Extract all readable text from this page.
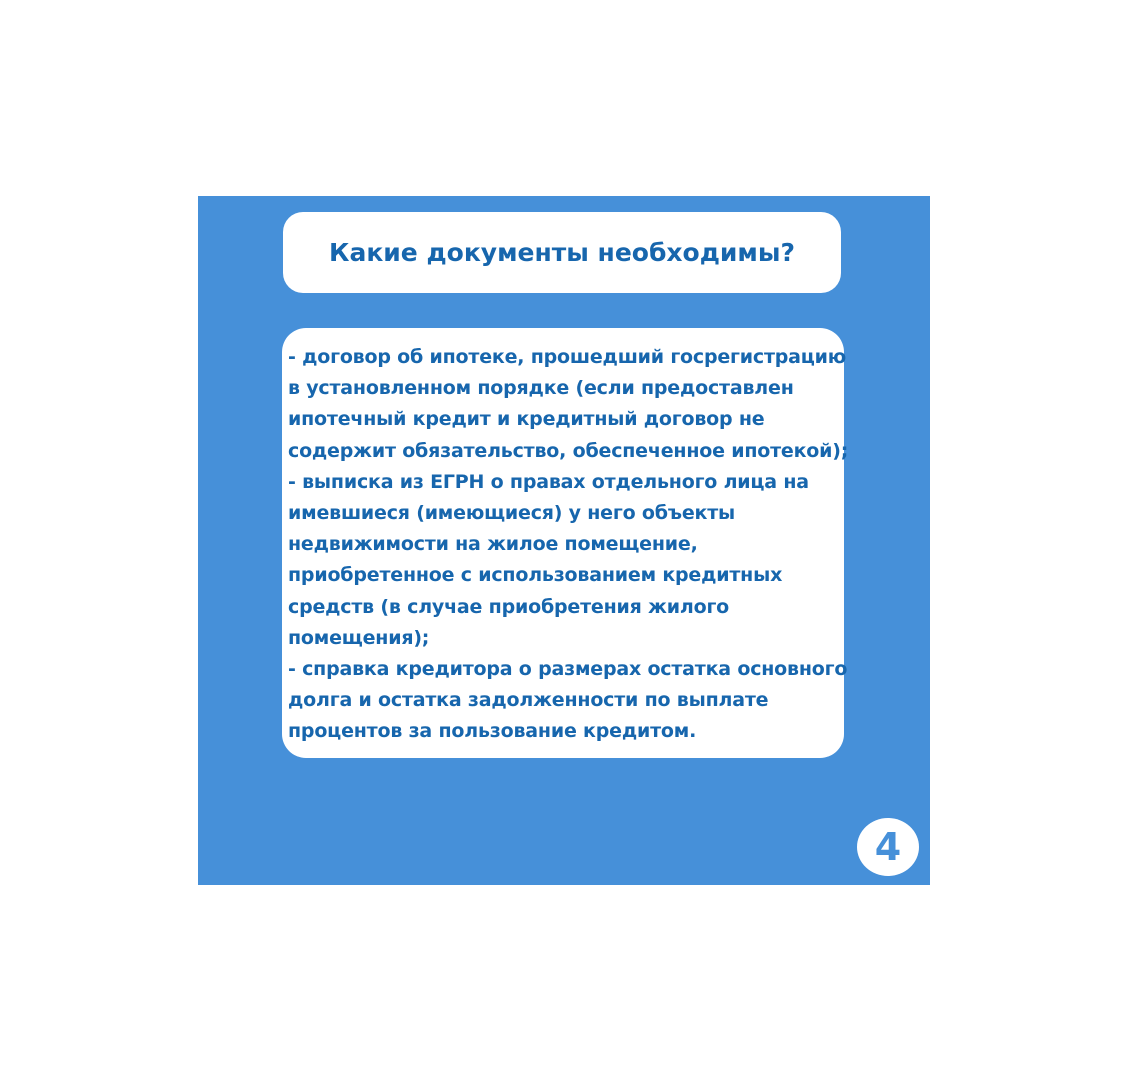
Какие документы необходимы?
- договор об ипотеке, прошедший госрегистрацию
в установленном порядке (если предоставлен
ипотечный кредит и кредитный договор не
содержит обязательство, обеспеченное ипотекой);
- выписка из ЕГРН о правах отдельного лица на
имевшиеся (имеющиеся) у него объекты
недвижимости на жилое помещение,
приобретенное с использованием кредитных
средств (в случае приобретения жилого
помещения);
- справка кредитора о размерах остатка основного
долга и остатка задолженности по выплате
процентов за пользование кредитом.
4
